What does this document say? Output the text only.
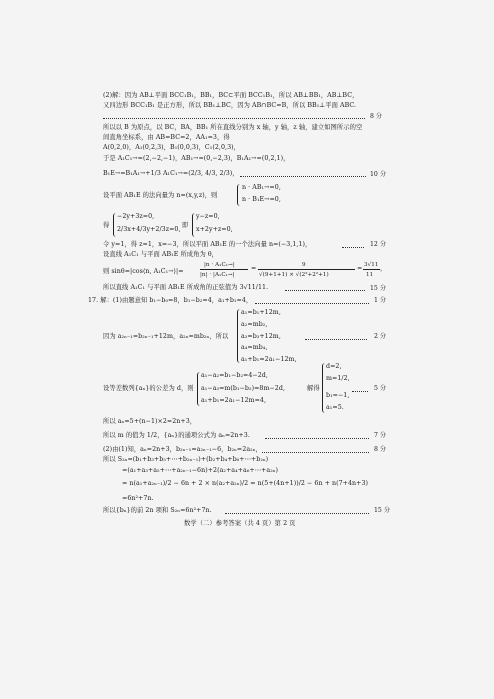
(2)解：因为 AB⊥平面 BCC₁B₁，BB₁，BC⊂平面 BCC₁B₁，所以 AB⊥BB₁，AB⊥BC，
又四边形 BCC₁B₁ 是正方形，所以 BB₁⊥BC，因为 AB∩BC=B，所以 BB₁⊥平面 ABC.
8 分
所以以 B 为原点，以 BC，BA，BB₁ 所在直线分别为 x 轴，y 轴，z 轴，建立如图所示的空
间直角坐标系，由 AB=BC=2，AA₁=3，得
A(0,2,0)，A₁(0,2,3)，B₁(0,0,3)，C₁(2,0,3)，
于是 A₁C₁→=(2,−2,−1)，AB₁→=(0,−2,3)，B₁A₁→=(0,2,1)，
B₁E→=B₁A₁→+1/3 A₁C₁→=(2/3, 4/3, 2/3)，	10 分
设平面 AB₁E 的法向量为 n=(x,y,z)，则
n · AB₁→=0,
n · B₁E→=0,
得
−2y+3z=0,
2/3x+4/3y+2/3z=0,
即
y−z=0,
x+2y+z=0,
令 y=1，得 z=1，x=−3，所以平面 AB₁E 的一个法向量 n=(−3,1,1)，	12 分
设直线 A₁C₁ 与平面 AB₁E 所成角为 θ，
则 sinθ=|cos⟨n, A₁C₁→⟩|=
|n · A₁C₁→|
|n| · |A₁C₁→|
=	9
√(9+1+1) × √(2²+2²+1)
= 3√11
11
，
所以直线 A₁C₁ 与平面 AB₁E 所成角的正弦值为 3√11/11.	15 分
17. 解：(1)由题意知 b₁−b₀=8，b₁−b₂=4，a₁+b₁=4，	1 分
因为 a₂ₙ₋₁=b₂ₙ₋₁+12m，a₂ₙ=mb₂ₙ，所以
a₁=b₁+12m,
a₂=mb₂,
a₃=b₃+12m,
a₄=mb₄,
a₁+b₁=2a₁−12m,
2 分
设等差数列{aₙ}的公差为 d，则
a₁−a₂=b₁−b₂=4−2d,
a₁−a₃=m(b₁−b₂)=8m−2d,
a₁+b₁=2a₁−12m=4,
解得
d=2,
m=1/2,
b₁=−1,
a₁=5.
5 分
所以 aₙ=5+(n−1)×2=2n+3，
所以 m 的值为 1/2，{aₙ}的通项公式为 aₙ=2n+3.	7 分
(2)由(1)知，aₙ=2n+3，b₂ₙ₋₁=a₂ₙ₋₁−6，b₂ₙ=2a₂ₙ，	8 分
所以 S₂ₙ=(b₁+b₃+b₅+⋯+b₂ₙ₋₁)+(b₂+b₄+b₆+⋯+b₂ₙ)
=(a₁+a₃+a₅+⋯+a₂ₙ₋₁−6n)+2(a₂+a₄+a₆+⋯+a₂ₙ)
= n(a₁+a₂ₙ₋₁)/2 − 6n + 2 × n(a₂+a₂ₙ)/2 = n(5+(4n+1))/2 − 6n + n(7+4n+3)
=6n²+7n.
所以{bₙ}的前 2n 项和 S₂ₙ=6n²+7n.	15 分
数学（二）参考答案（共 4 页）第 2 页
